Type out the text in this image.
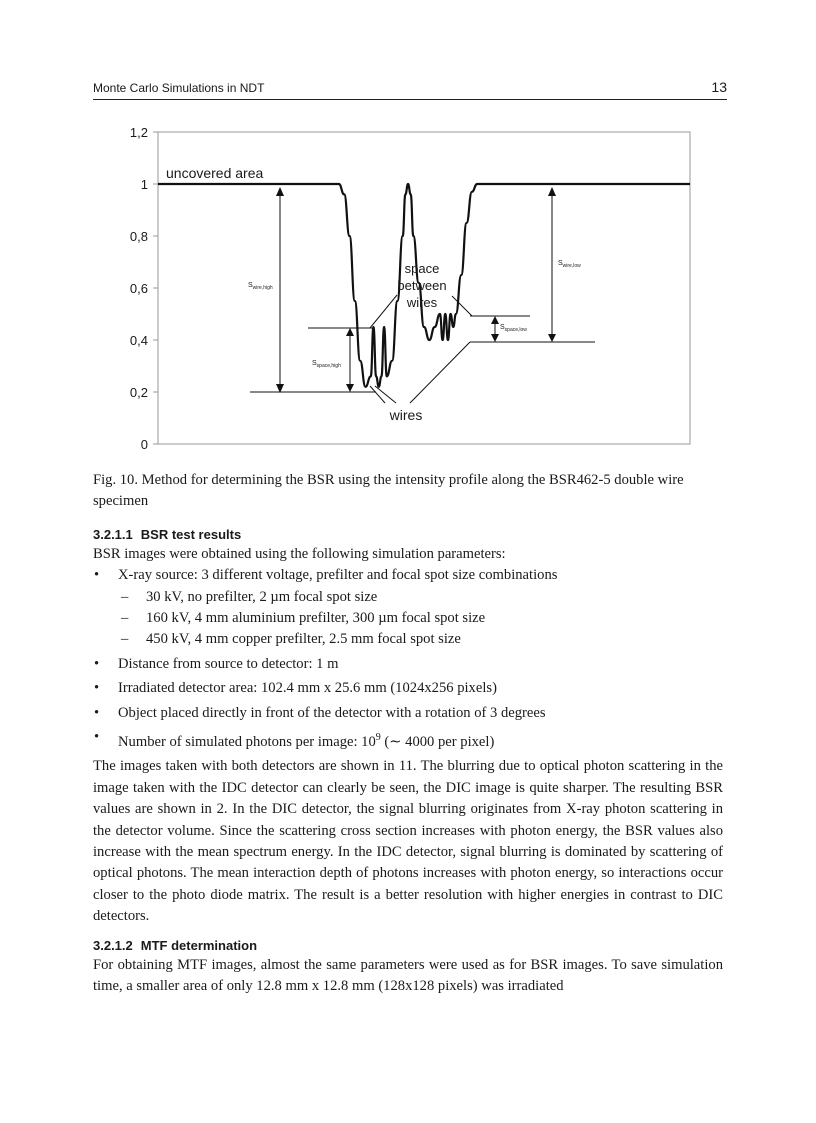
Monte Carlo Simulations in NDT	13
1,2
1
0,8
0,6
0,4
0,2
0
uncovered area
space
between
wires
wires
$S_{wire,high}$
$S_{space,high}$
$S_{wire,low}$
$S_{space,low}$

Fig. 10. Method for determining the BSR using the intensity profile along the BSR462-5 double wire specimen

3.2.1.1 BSR test results

BSR images were obtained using the following simulation parameters:

• X-ray source: 3 different voltage, prefilter and focal spot size combinations
– 30 kV, no prefilter, 2 µm focal spot size
– 160 kV, 4 mm aluminium prefilter, 300 µm focal spot size
– 450 kV, 4 mm copper prefilter, 2.5 mm focal spot size
• Distance from source to detector: 1 m
• Irradiated detector area: 102.4 mm x 25.6 mm (1024x256 pixels)
• Object placed directly in front of the detector with a rotation of 3 degrees
• Number of simulated photons per image: $10^9$ (∼ 4000 per pixel)

The images taken with both detectors are shown in 11. The blurring due to optical photon scattering in the image taken with the IDC detector can clearly be seen, the DIC image is quite sharper. The resulting BSR values are shown in 2. In the DIC detector, the signal blurring originates from X-ray photon scattering in the detector volume. Since the scattering cross section increases with photon energy, the BSR values also increase with the mean spectrum energy. In the IDC detector, signal blurring is dominated by scattering of optical photons. The mean interaction depth of photons increases with photon energy, so interactions occur closer to the photo diode matrix. The result is a better resolution with higher energies in contrast to DIC detectors.

3.2.1.2 MTF determination

For obtaining MTF images, almost the same parameters were used as for BSR images. To save simulation time, a smaller area of only 12.8 mm x 12.8 mm (128x128 pixels) was irradiated
